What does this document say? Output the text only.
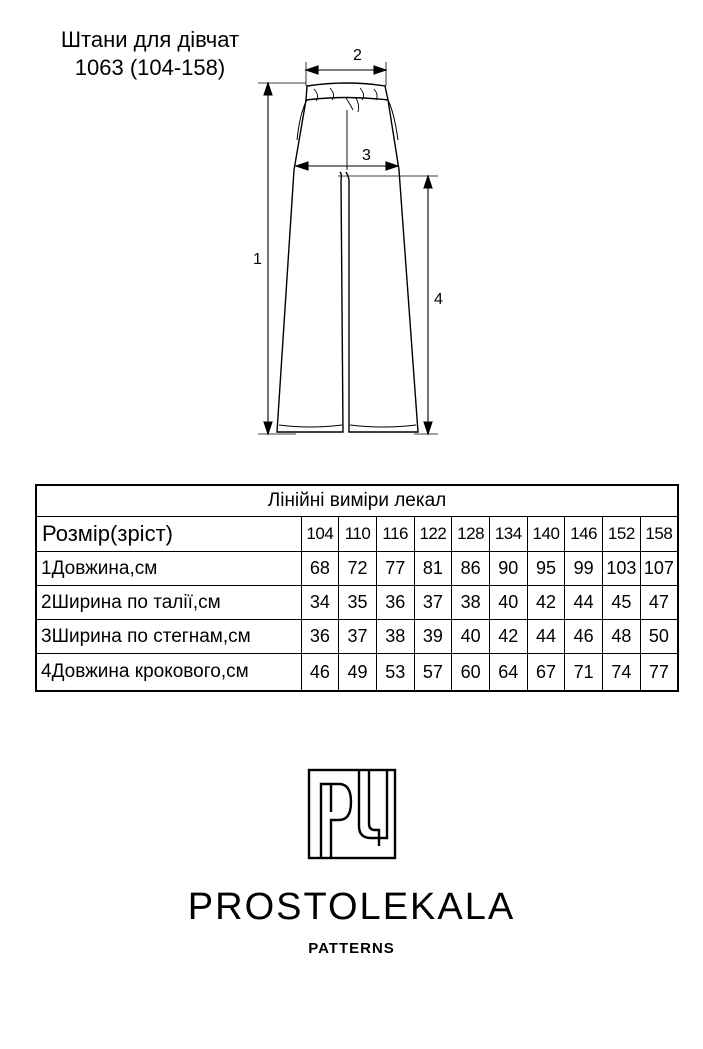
Штани для дівчат
1063 (104-158)
1
2
3
4
Лінійні виміри лекал										
Розмір(зріст)	104	110	116	122	128	134	140	146	152	158
1Довжина,см	68	72	77	81	86	90	95	99	103	107
2Ширина по талії,см	34	35	36	37	38	40	42	44	45	47
3Ширина по стегнам,см	36	37	38	39	40	42	44	46	48	50
4Довжина крокового,см	46	49	53	57	60	64	67	71	74	77
PROSTOLEKALA
PATTERNS
